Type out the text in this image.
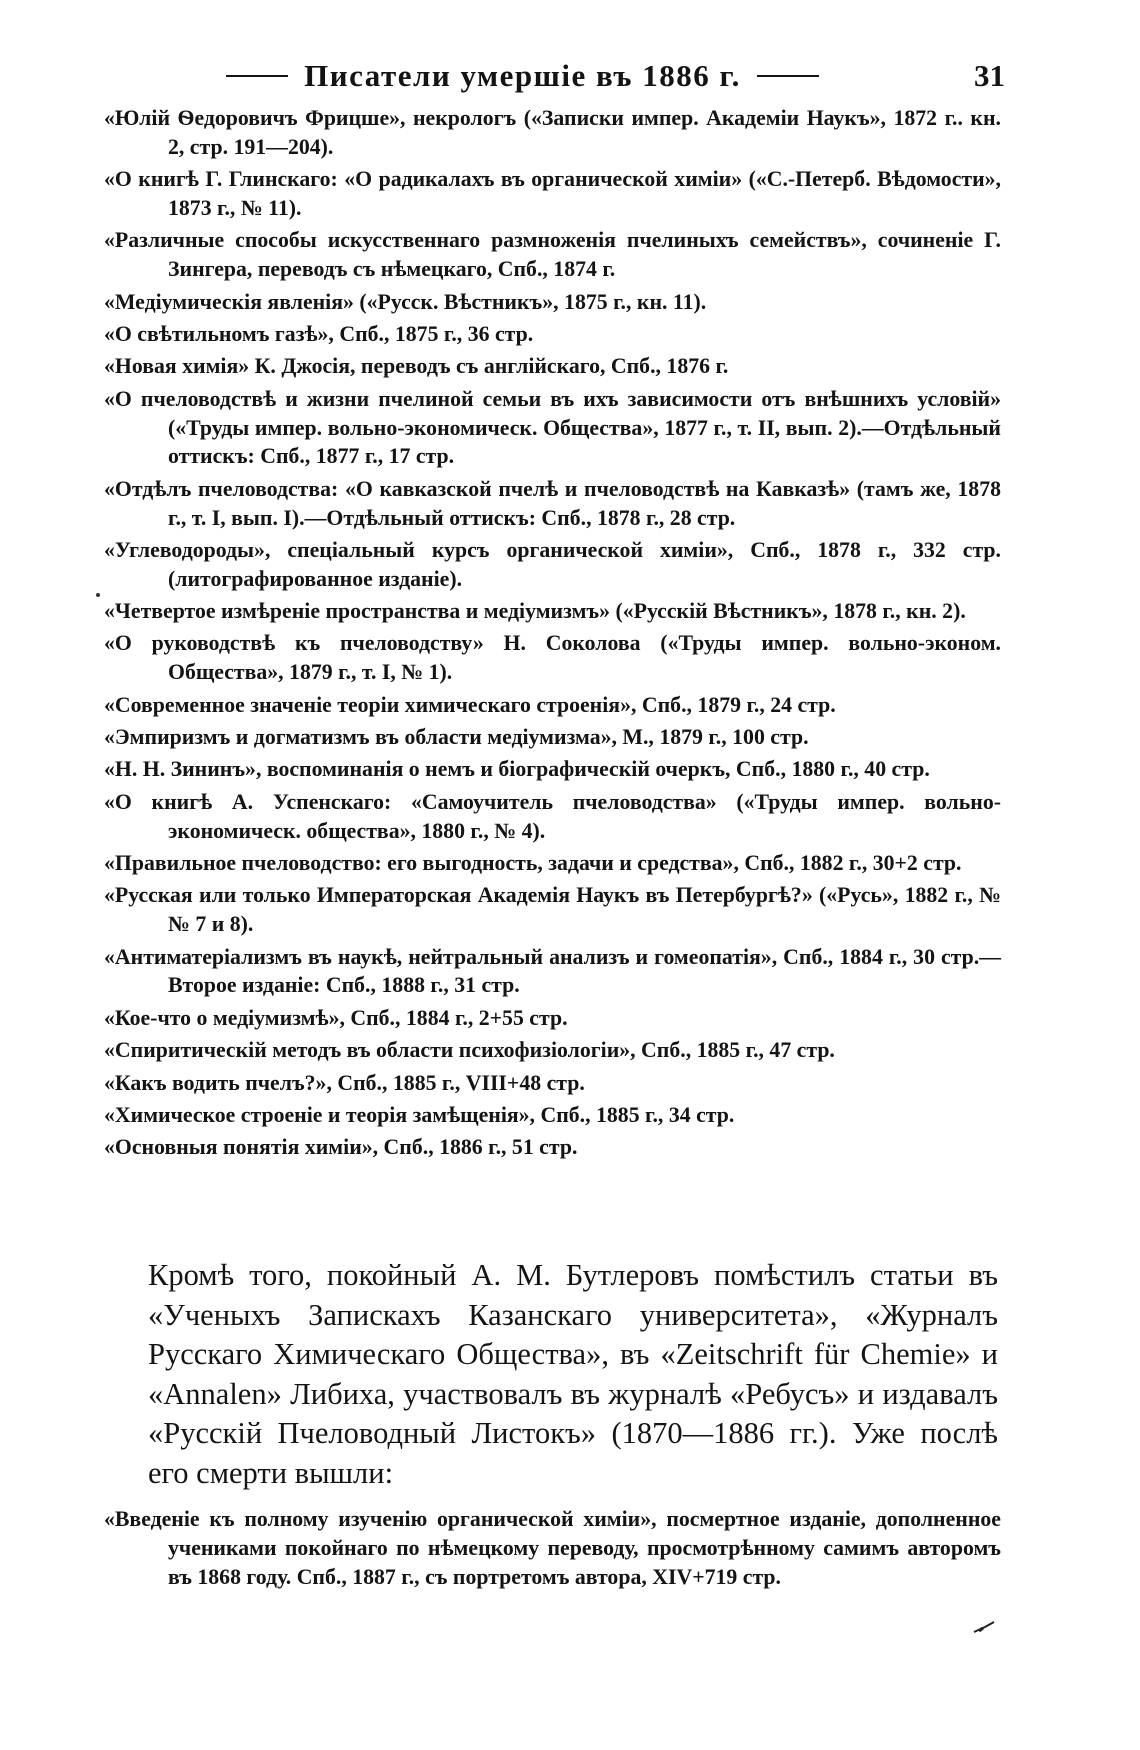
Писатели умершіе въ 1886 г.	31

«Юлій Ѳедоровичъ Фрицше», некрологъ («Записки импер. Академіи Наукъ», 1872 г.. кн. 2, стр. 191—204).

«О книгѣ Г. Глинскаго: «О радикалахъ въ органической химіи» («С.-Петерб. Вѣдомости», 1873 г., № 11).

«Различные способы искусственнаго размноженія пчелиныхъ семействъ», сочиненіе Г. Зингера, переводъ съ нѣмецкаго, Спб., 1874 г.

«Медіумическія явленія» («Русск. Вѣстникъ», 1875 г., кн. 11).

«О свѣтильномъ газѣ», Спб., 1875 г., 36 стр.

«Новая химія» К. Джосія, переводъ съ англійскаго, Спб., 1876 г.

«О пчеловодствѣ и жизни пчелиной семьи въ ихъ зависимости отъ внѣшнихъ условій» («Труды импер. вольно-экономическ. Общества», 1877 г., т. II, вып. 2).—Отдѣльный оттискъ: Спб., 1877 г., 17 стр.

«Отдѣлъ пчеловодства: «О кавказской пчелѣ и пчеловодствѣ на Кавказѣ» (тамъ же, 1878 г., т. I, вып. I).—Отдѣльный оттискъ: Спб., 1878 г., 28 стр.

«Углеводороды», спеціальный курсъ органической химіи», Спб., 1878 г., 332 стр. (литографированное изданіе).

«Четвертое измѣреніе пространства и медіумизмъ» («Русскій Вѣстникъ», 1878 г., кн. 2).

«О руководствѣ къ пчеловодству» Н. Соколова («Труды импер. вольно-эконом. Общества», 1879 г., т. I, № 1).

«Современное значеніе теоріи химическаго строенія», Спб., 1879 г., 24 стр.

«Эмпиризмъ и догматизмъ въ области медіумизма», М., 1879 г., 100 стр.

«Н. Н. Зининъ», воспоминанія о немъ и біографическій очеркъ, Спб., 1880 г., 40 стр.

«О книгѣ А. Успенскаго: «Самоучитель пчеловодства» («Труды импер. вольно-экономическ. общества», 1880 г., № 4).

«Правильное пчеловодство: его выгодность, задачи и средства», Спб., 1882 г., 30+2 стр.

«Русская или только Императорская Академія Наукъ въ Петербургѣ?» («Русь», 1882 г., №№ 7 и 8).

«Антиматеріализмъ въ наукѣ, нейтральный анализъ и гомеопатія», Спб., 1884 г., 30 стр.—Второе изданіе: Спб., 1888 г., 31 стр.

«Кое-что о медіумизмѣ», Спб., 1884 г., 2+55 стр.

«Спиритическій методъ въ области психофизіологіи», Спб., 1885 г., 47 стр.

«Какъ водить пчелъ?», Спб., 1885 г., VIII+48 стр.

«Химическое строеніе и теорія замѣщенія», Спб., 1885 г., 34 стр.

«Основныя понятія химіи», Спб., 1886 г., 51 стр.

Кромѣ того, покойный А. М. Бутлеровъ помѣстилъ статьи въ «Ученыхъ Запискахъ Казанскаго университета», «Журналъ Русскаго Химическаго Общества», въ «Zeitschrift für Chemie» и «Annalen» Либиха, участвовалъ въ журналѣ «Ребусъ» и издавалъ «Русскій Пчеловодный Листокъ» (1870—1886 гг.). Уже послѣ его смерти вышли:

«Введеніе къ полному изученію органической химіи», посмертное изданіе, дополненное учениками покойнаго по нѣмецкому переводу, просмотрѣнному самимъ авторомъ въ 1868 году. Спб., 1887 г., съ портретомъ автора, XIV+719 стр.
